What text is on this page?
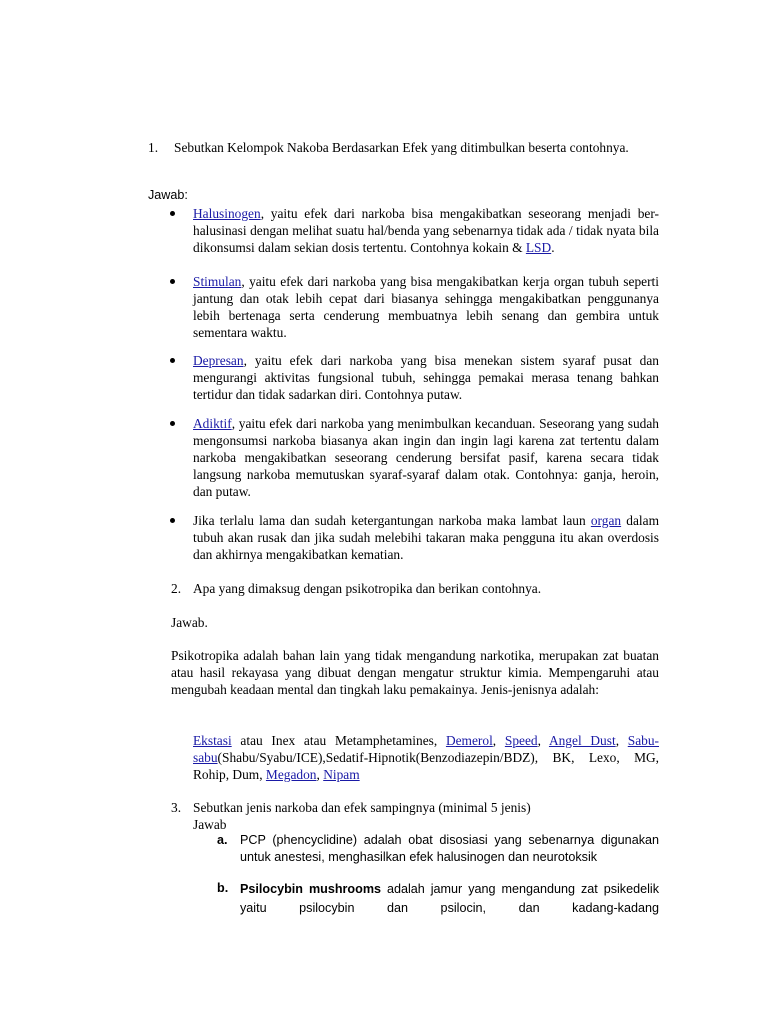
1. Sebutkan Kelompok Nakoba Berdasarkan Efek yang ditimbulkan beserta contohnya.
Jawab:
Halusinogen, yaitu efek dari narkoba bisa mengakibatkan seseorang menjadi ber-halusinasi dengan melihat suatu hal/benda yang sebenarnya tidak ada / tidak nyata bila dikonsumsi dalam sekian dosis tertentu. Contohnya kokain & LSD.
Stimulan, yaitu efek dari narkoba yang bisa mengakibatkan kerja organ tubuh seperti jantung dan otak lebih cepat dari biasanya sehingga mengakibatkan penggunanya lebih bertenaga serta cenderung membuatnya lebih senang dan gembira untuk sementara waktu.
Depresan, yaitu efek dari narkoba yang bisa menekan sistem syaraf pusat dan mengurangi aktivitas fungsional tubuh, sehingga pemakai merasa tenang bahkan tertidur dan tidak sadarkan diri. Contohnya putaw.
Adiktif, yaitu efek dari narkoba yang menimbulkan kecanduan. Seseorang yang sudah mengonsumsi narkoba biasanya akan ingin dan ingin lagi karena zat tertentu dalam narkoba mengakibatkan seseorang cenderung bersifat pasif, karena secara tidak langsung narkoba memutuskan syaraf-syaraf dalam otak. Contohnya: ganja, heroin, dan putaw.
Jika terlalu lama dan sudah ketergantungan narkoba maka lambat laun organ dalam tubuh akan rusak dan jika sudah melebihi takaran maka pengguna itu akan overdosis dan akhirnya mengakibatkan kematian.
2. Apa yang dimaksug dengan psikotropika dan berikan contohnya.
Jawab.
Psikotropika adalah bahan lain yang tidak mengandung narkotika, merupakan zat buatan atau hasil rekayasa yang dibuat dengan mengatur struktur kimia. Mempengaruhi atau mengubah keadaan mental dan tingkah laku pemakainya. Jenis-jenisnya adalah:
Ekstasi atau Inex atau Metamphetamines, Demerol, Speed, Angel Dust, Sabu-sabu(Shabu/Syabu/ICE),Sedatif-Hipnotik(Benzodiazepin/BDZ), BK, Lexo, MG, Rohip, Dum, Megadon, Nipam
3. Sebutkan jenis narkoba dan efek sampingnya (minimal 5 jenis)
Jawab
a. PCP (phencyclidine) adalah obat disosiasi yang sebenarnya digunakan untuk anestesi, menghasilkan efek halusinogen dan neurotoksik
b. Psilocybin mushrooms adalah jamur yang mengandung zat psikedelik yaitu psilocybin dan psilocin, dan kadang-kadang
